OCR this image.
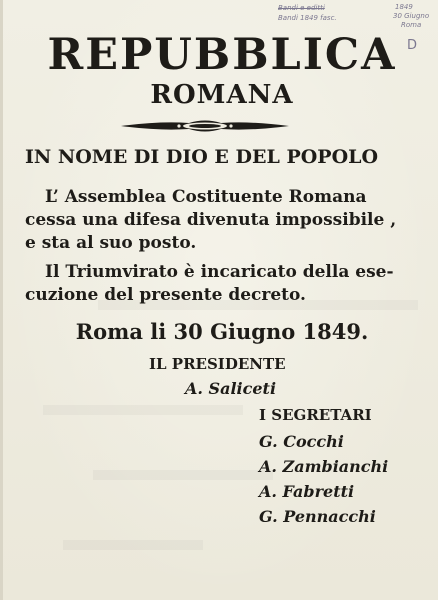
Bandi e editti
Bandi 1849 fasc.
1849
30 Giugno
Roma
D

REPUBBLICA

ROMANA

IN NOME DI DIO E DEL POPOLO

L’ Assemblea Costituente Romana

cessa una difesa divenuta impossibile ,

e sta al suo posto.

Il Triumvirato è incaricato della ese-

cuzione del presente decreto.

Roma li 30 Giugno 1849.

IL PRESIDENTE

A. Saliceti

I SEGRETARI

G. Cocchi

A. Zambianchi

A. Fabretti

G. Pennacchi
